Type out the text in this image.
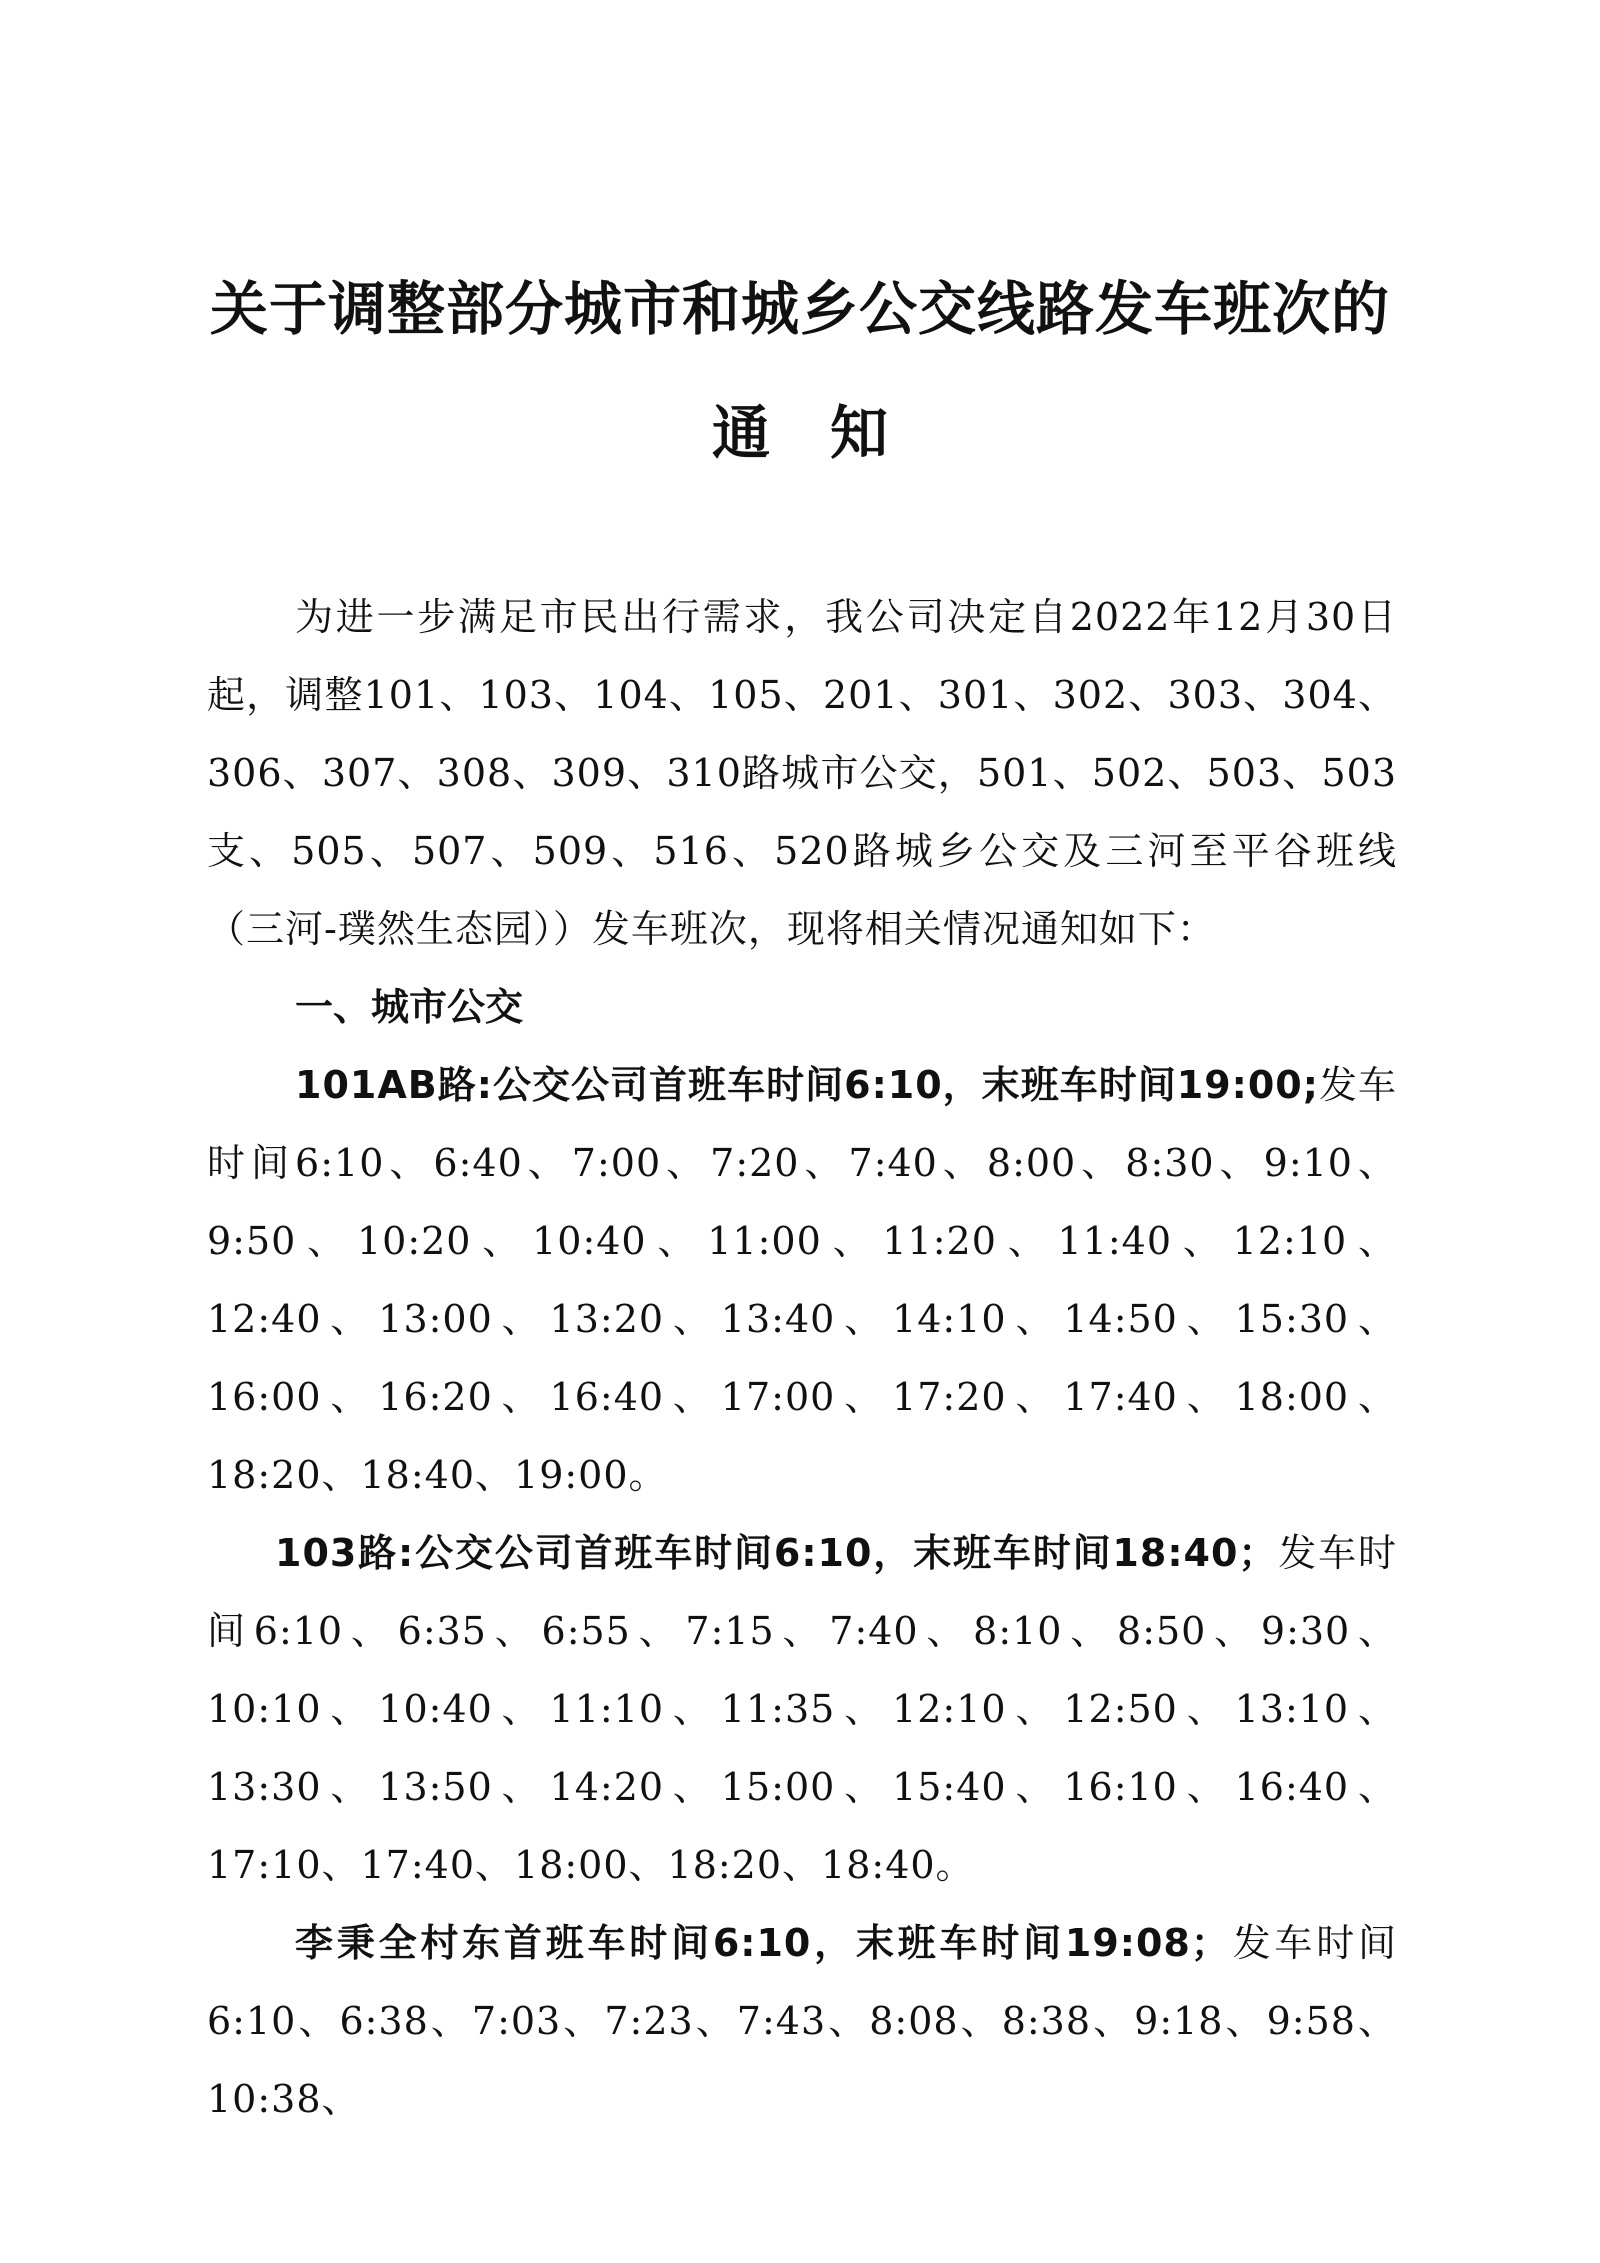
关于调整部分城市和城乡公交线路发车班次的
通知

为进一步满足市民出行需求，我公司决定自2022年12月30日起，调整101、103、104、105、201、301、302、303、304、306、307、308、309、310路城市公交，501、502、503、503支、505、507、509、516、520路城乡公交及三河至平谷班线（三河-璞然生态园））发车班次，现将相关情况通知如下：

一、城市公交

101AB路:公交公司首班车时间6:10，末班车时间19:00;发车时间6:10、6:40、7:00、7:20、7:40、8:00、8:30、9:10、9:50、10:20、10:40、11:00、11:20、11:40、12:10、12:40、13:00、13:20、13:40、14:10、14:50、15:30、16:00、16:20、16:40、17:00、17:20、17:40、18:00、18:20、18:40、19:00。

103路:公交公司首班车时间6:10，末班车时间18:40；发车时间6:10、6:35、6:55、7:15、7:40、8:10、8:50、9:30、10:10、10:40、11:10、11:35、12:10、12:50、13:10、13:30、13:50、14:20、15:00、15:40、16:10、16:40、17:10、17:40、18:00、18:20、18:40。

李秉全村东首班车时间6:10，末班车时间19:08；发车时间6:10、6:38、7:03、7:23、7:43、8:08、8:38、9:18、9:58、10:38、
